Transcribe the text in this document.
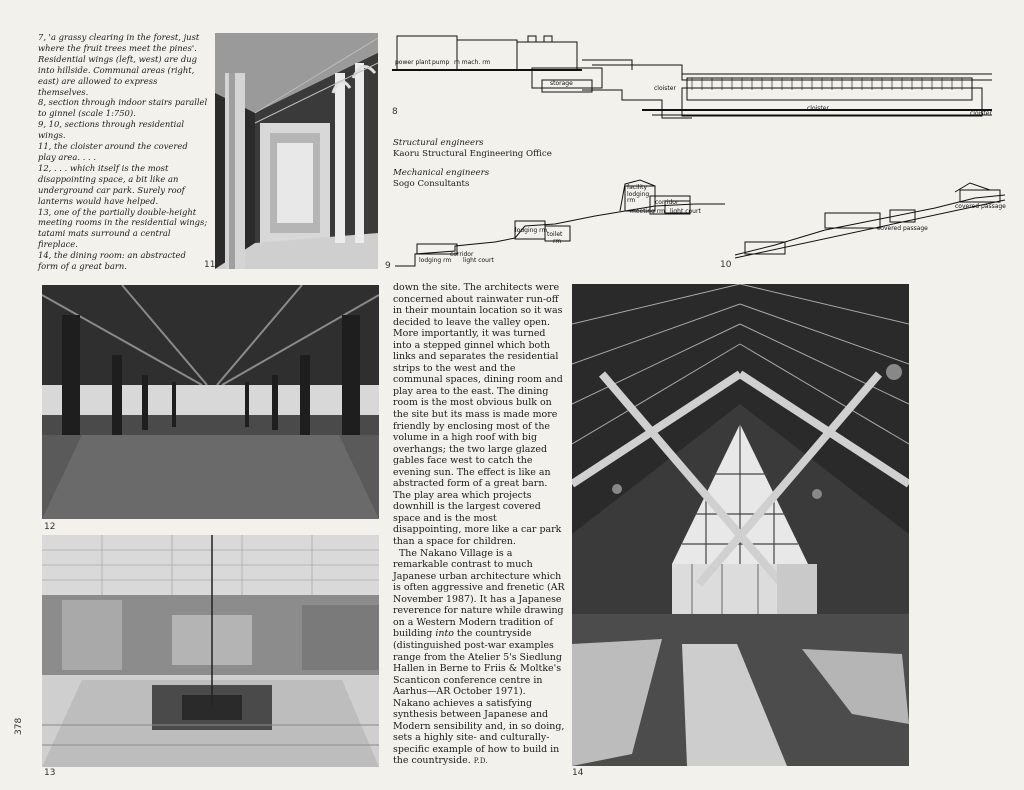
7, 'a grassy clearing in the forest, just where the fruit trees meet the pines'. Residential wings (left, west) are dug into hillside. Communal areas (right, east) are allowed to express themselves.

8, section through indoor stairs parallel to ginnel (scale 1:750).

9, 10, sections through residential wings.

11, the cloister around the covered play area. . . .

12, . . . which itself is the most disappointing space, a bit like an underground car park. Surely roof lanterns would have helped.

13, one of the partially double-height meeting rooms in the residential wings; tatami mats surround a central fireplace.

14, the dining room: an abstracted form of a great barn.	11
power plant pump m mach. rm
storage
cloister
cloister
cloister
8
Structural engineers
Kaoru Structural Engineering Office
Mechanical engineers
Sogo Consultants	facility
lodging
rm	corridor
meeting rm light court
lodging rm
toilet
rm
corridor
lodging rm light court
9
covered passage
covered passage
10
12
13

down the site. The architects were concerned about rainwater run-off in their mountain location so it was decided to leave the valley open. More importantly, it was turned into a stepped ginnel which both links and separates the residential strips to the west and the communal spaces, dining room and play area to the east. The dining room is the most obvious bulk on the site but its mass is made more friendly by enclosing most of the volume in a high roof with big overhangs; the two large glazed gables face west to catch the evening sun. The effect is like an abstracted form of a great barn. The play area which projects downhill is the largest covered space and is the most disappointing, more like a car park than a space for children.

The Nakano Village is a remarkable contrast to much Japanese urban architecture which is often aggressive and frenetic (AR November 1987). It has a Japanese reverence for nature while drawing on a Western Modern tradition of building into the countryside (distinguished post-war examples range from the Atelier 5's Siedlung Hallen in Berne to Friis & Moltke's Scanticon conference centre in Aarhus—AR October 1971). Nakano achieves a satisfying synthesis between Japanese and Modern sensibility and, in so doing, sets a highly site- and culturally-specific example of how to build in the countryside. P.D.

14
378
